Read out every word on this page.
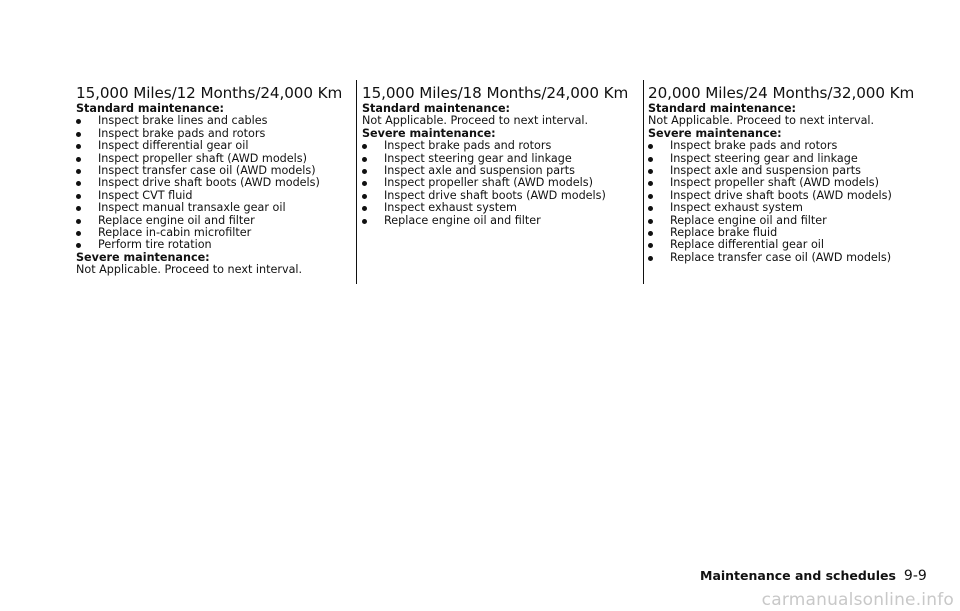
15,000 Miles/12 Months/24,000 Km

Standard maintenance:

Inspect brake lines and cables
Inspect brake pads and rotors
Inspect differential gear oil
Inspect propeller shaft (AWD models)
Inspect transfer case oil (AWD models)
Inspect drive shaft boots (AWD models)
Inspect CVT fluid
Inspect manual transaxle gear oil
Replace engine oil and filter
Replace in-cabin microfilter
Perform tire rotation

Severe maintenance:

Not Applicable. Proceed to next interval.

15,000 Miles/18 Months/24,000 Km

Standard maintenance:

Not Applicable. Proceed to next interval.

Severe maintenance:

Inspect brake pads and rotors
Inspect steering gear and linkage
Inspect axle and suspension parts
Inspect propeller shaft (AWD models)
Inspect drive shaft boots (AWD models)
Inspect exhaust system
Replace engine oil and filter
20,000 Miles/24 Months/32,000 Km

Standard maintenance:

Not Applicable. Proceed to next interval.

Severe maintenance:

Inspect brake pads and rotors
Inspect steering gear and linkage
Inspect axle and suspension parts
Inspect propeller shaft (AWD models)
Inspect drive shaft boots (AWD models)
Inspect exhaust system
Replace engine oil and filter
Replace brake fluid
Replace differential gear oil
Replace transfer case oil (AWD models)
Maintenance and schedules 9-9
carmanualsonline.info
